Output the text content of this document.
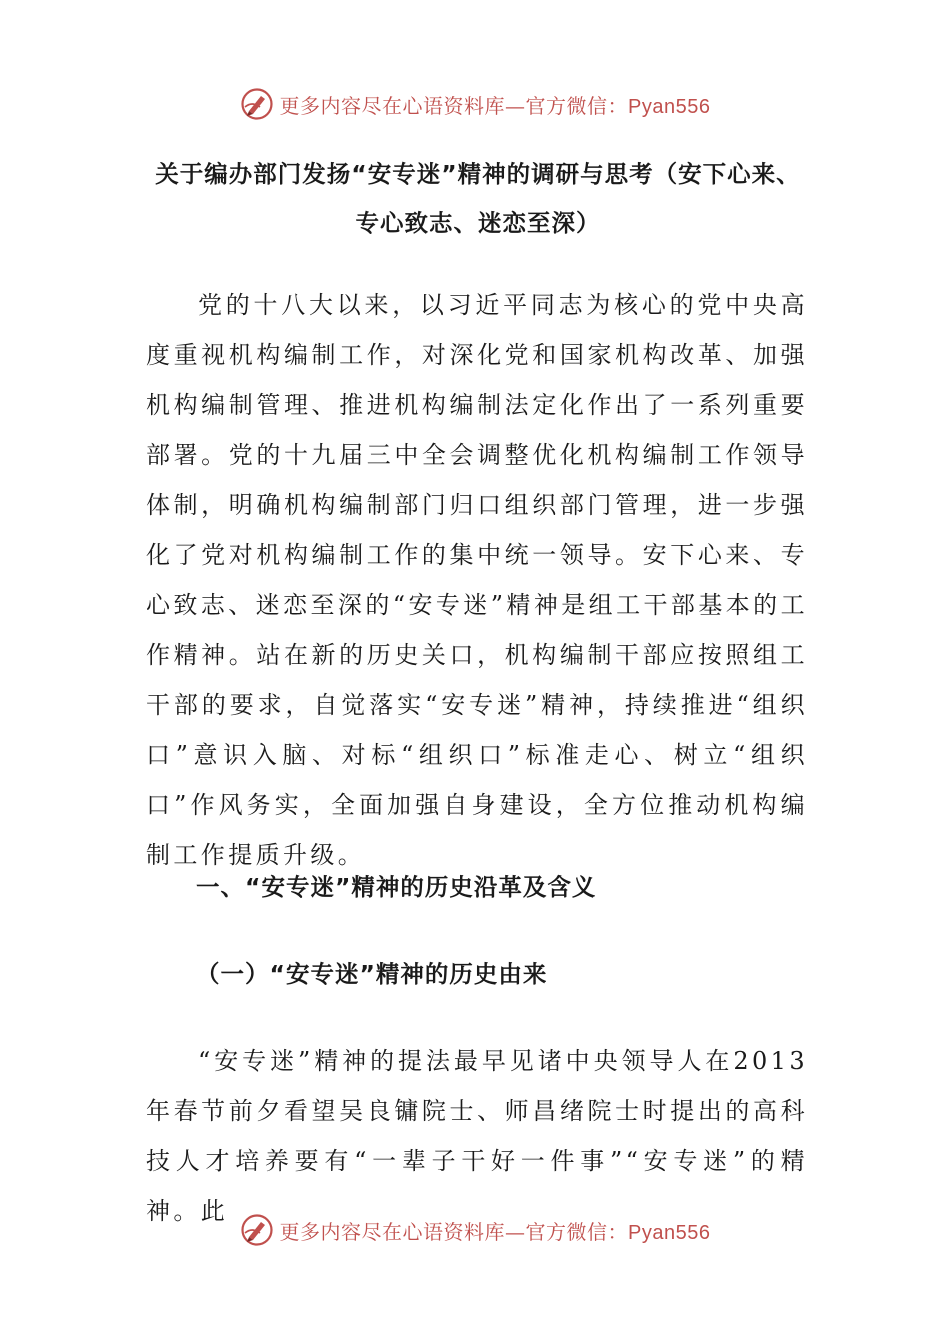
更多内容尽在心语资料库—官方微信：Pyan556
关于编办部门发扬“安专迷”精神的调研与思考（安下心来、专心致志、迷恋至深）

党的十八大以来，以习近平同志为核心的党中央高度重视机构编制工作，对深化党和国家机构改革、加强机构编制管理、推进机构编制法定化作出了一系列重要部署。党的十九届三中全会调整优化机构编制工作领导体制，明确机构编制部门归口组织部门管理，进一步强化了党对机构编制工作的集中统一领导。安下心来、专心致志、迷恋至深的“安专迷”精神是组工干部基本的工作精神。站在新的历史关口，机构编制干部应按照组工干部的要求，自觉落实“安专迷”精神，持续推进“组织口”意识入脑、对标“组织口”标准走心、树立“组织口”作风务实，全面加强自身建设，全方位推动机构编制工作提质升级。

一、“安专迷”精神的历史沿革及含义
（一）“安专迷”精神的历史由来

“安专迷”精神的提法最早见诸中央领导人在2013年春节前夕看望吴良镛院士、师昌绪院士时提出的高科技人才培养要有“一辈子干好一件事”“安专迷”的精神。此

更多内容尽在心语资料库—官方微信：Pyan556
